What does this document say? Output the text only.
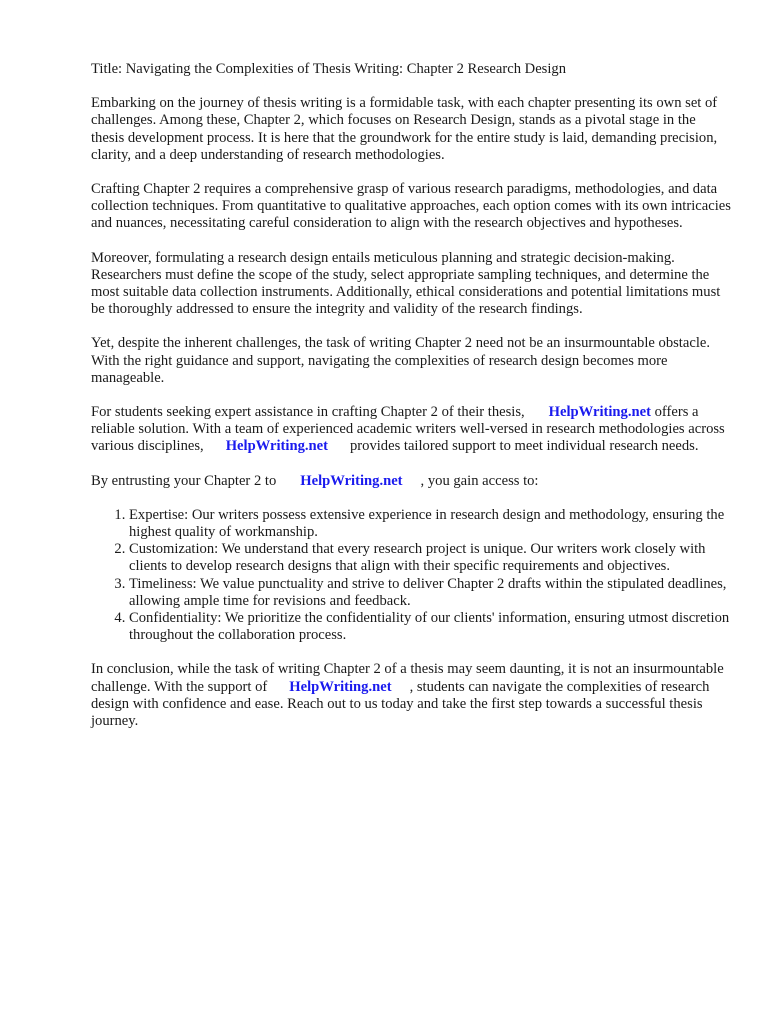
Title: Navigating the Complexities of Thesis Writing: Chapter 2 Research Design

Embarking on the journey of thesis writing is a formidable task, with each chapter presenting its own set of challenges. Among these, Chapter 2, which focuses on Research Design, stands as a pivotal stage in the thesis development process. It is here that the groundwork for the entire study is laid, demanding precision, clarity, and a deep understanding of research methodologies.

Crafting Chapter 2 requires a comprehensive grasp of various research paradigms, methodologies, and data collection techniques. From quantitative to qualitative approaches, each option comes with its own intricacies and nuances, necessitating careful consideration to align with the research objectives and hypotheses.

Moreover, formulating a research design entails meticulous planning and strategic decision-making. Researchers must define the scope of the study, select appropriate sampling techniques, and determine the most suitable data collection instruments. Additionally, ethical considerations and potential limitations must be thoroughly addressed to ensure the integrity and validity of the research findings.

Yet, despite the inherent challenges, the task of writing Chapter 2 need not be an insurmountable obstacle. With the right guidance and support, navigating the complexities of research design becomes more manageable.

For students seeking expert assistance in crafting Chapter 2 of their thesis, HelpWriting.net offers a reliable solution. With a team of experienced academic writers well-versed in research methodologies across various disciplines, HelpWriting.net provides tailored support to meet individual research needs.

By entrusting your Chapter 2 to HelpWriting.net , you gain access to:

1. Expertise: Our writers possess extensive experience in research design and methodology, ensuring the highest quality of workmanship.
2. Customization: We understand that every research project is unique. Our writers work closely with clients to develop research designs that align with their specific requirements and objectives.
3. Timeliness: We value punctuality and strive to deliver Chapter 2 drafts within the stipulated deadlines, allowing ample time for revisions and feedback.
4. Confidentiality: We prioritize the confidentiality of our clients' information, ensuring utmost discretion throughout the collaboration process.

In conclusion, while the task of writing Chapter 2 of a thesis may seem daunting, it is not an insurmountable challenge. With the support of HelpWriting.net , students can navigate the complexities of research design with confidence and ease. Reach out to us today and take the first step towards a successful thesis journey.
